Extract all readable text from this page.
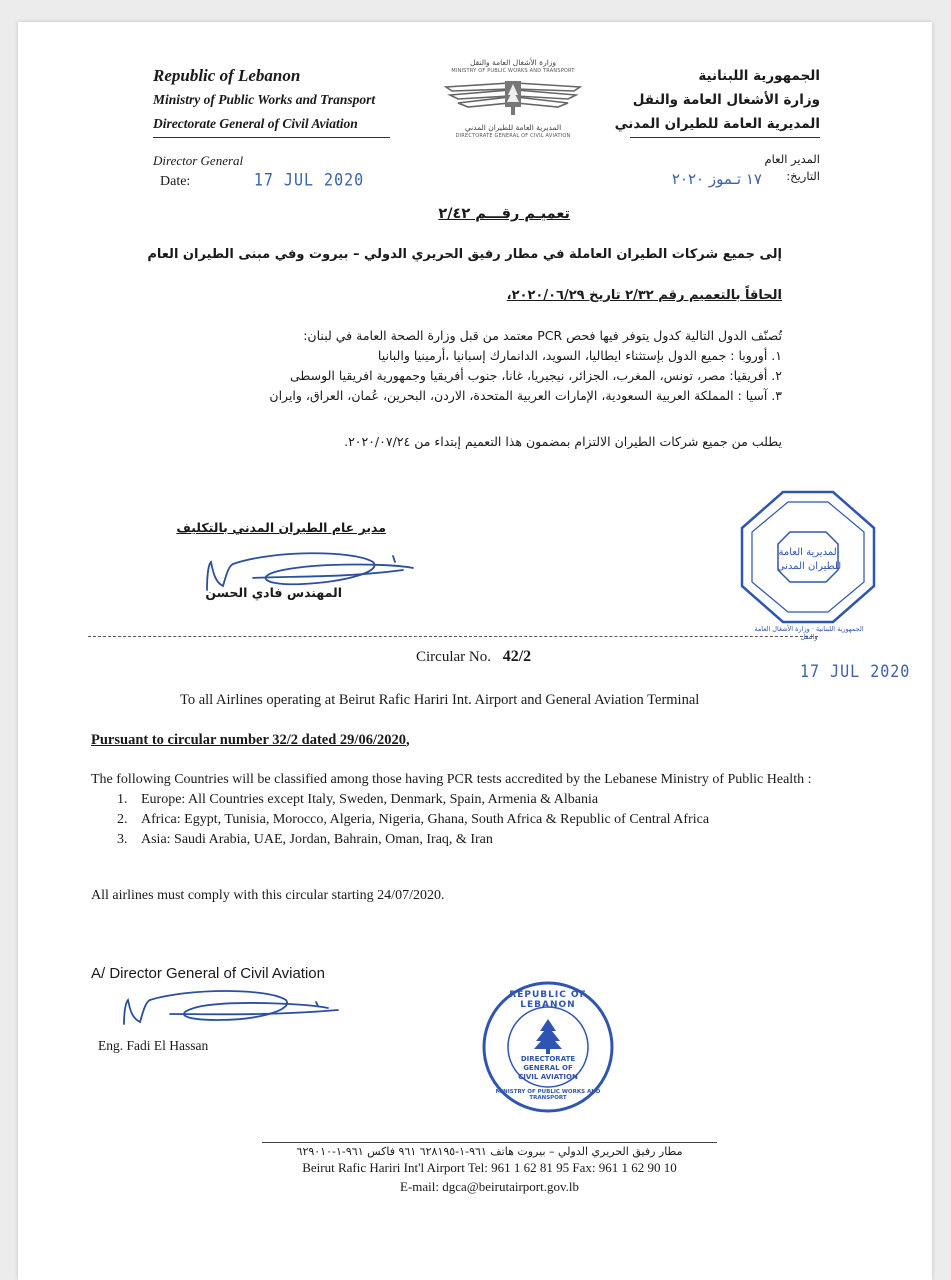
Republic of Lebanon
Ministry of Public Works and Transport
Directorate General of Civil Aviation
الجمهورية اللبنانية
وزارة الأشغال العامة والنقل
المديرية العامة للطيران المدني
وزارة الأشغال العامة والنقل
MINISTRY OF PUBLIC WORKS AND TRANSPORT
المديرية العامة للطيران المدني
DIRECTORATE GENERAL OF CIVIL AVIATION
Director General
Date:	17 JUL 2020
المدير العام
التاريخ:
١٧ تـموز ٢٠٢٠
تعميـم رقـــم ٢/٤٢
إلى جميع شركات الطيران العاملة في مطار رفيق الحريري الدولي – بيروت وفي مبنى الطيران العام
الحاقاً بالتعميم رقم ٢/٣٢ تاريخ ٢٠٢٠/٠٦/٢٩،
تُصنّف الدول التالية كدول يتوفر فيها فحص PCR معتمد من قبل وزارة الصحة العامة في لبنان:
١. أوروبا : جميع الدول بإستثناء ايطاليا، السويد، الدانمارك إسبانيا ،أرمينيا والبانيا
٢. أفريقيا: مصر، تونس، المغرب، الجزائر، نيجيريا، غانا، جنوب أفريقيا وجمهورية افريقيا الوسطى
٣. آسيا : المملكة العربية السعودية، الإمارات العربية المتحدة، الاردن، البحرين، عُمان، العراق، وايران
يطلب من جميع شركات الطيران الالتزام بمضمون هذا التعميم إبتداء من ٢٠٢٠/٠٧/٢٤.
مدير عام الطيران المدني بالتكليف
المهندس فادي الحسن
المديرية العامة للطيران المدني
الجمهورية اللبنانية · وزارة الأشغال العامة والنقل
Circular No. 42/2
17 JUL 2020
To all Airlines operating at Beirut Rafic Hariri Int. Airport and General Aviation Terminal
Pursuant to circular number 32/2 dated 29/06/2020,
The following Countries will be classified among those having PCR tests accredited by the Lebanese Ministry of Public Health :
1. Europe: All Countries except Italy, Sweden, Denmark, Spain, Armenia & Albania
2. Africa: Egypt, Tunisia, Morocco, Algeria, Nigeria, Ghana, South Africa & Republic of Central Africa
3. Asia: Saudi Arabia, UAE, Jordan, Bahrain, Oman, Iraq, & Iran
All airlines must comply with this circular starting 24/07/2020.
A/ Director General of Civil Aviation
Eng. Fadi El Hassan
REPUBLIC OF LEBANON
DIRECTORATE
GENERAL OF
CIVIL AVIATION
MINISTRY OF PUBLIC WORKS AND TRANSPORT
مطار رفيق الحريري الدولي – بيروت هاتف ٩٦١-١-٦٢٨١٩٥ ٩٦١ فاكس ٩٦١-١-٦٢٩٠١٠
Beirut Rafic Hariri Int'l Airport Tel: 961 1 62 81 95 Fax: 961 1 62 90 10
E-mail: dgca@beirutairport.gov.lb
